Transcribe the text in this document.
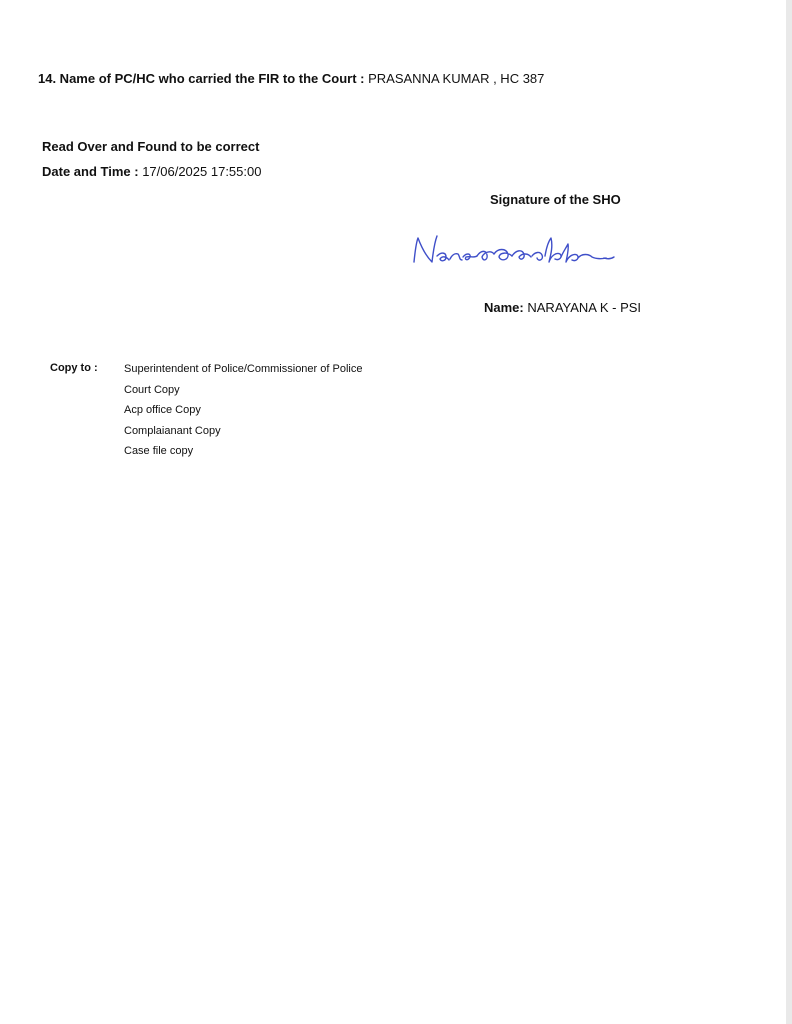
14. Name of PC/HC who carried the FIR to the Court : PRASANNA KUMAR , HC 387
Read Over and Found to be correct
Date and Time : 17/06/2025 17:55:00
Signature of the SHO
Name: NARAYANA K - PSI
Copy to : Superintendent of Police/Commissioner of Police
Court Copy
Acp office Copy
Complaianant Copy
Case file copy
